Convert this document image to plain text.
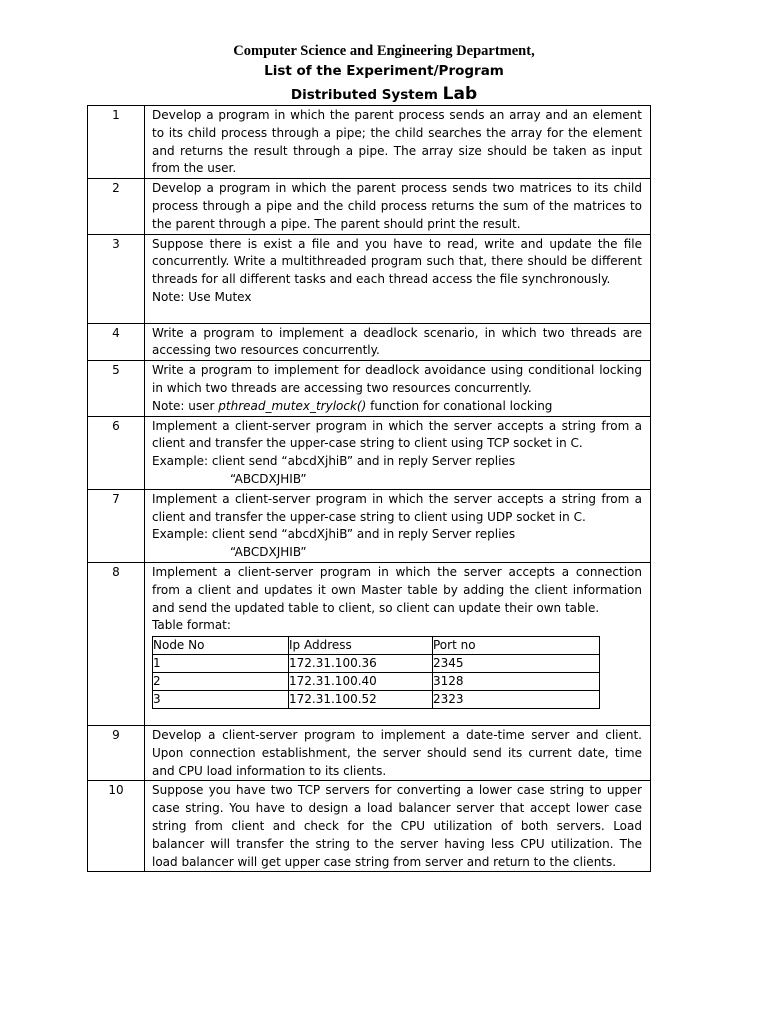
Computer Science and Engineering Department,
List of the Experiment/Program
Distributed System Lab
1	Develop a program in which the parent process sends an array and an element to its child process through a pipe; the child searches the array for the element and returns the result through a pipe. The array size should be taken as input from the user.

2	Develop a program in which the parent process sends two matrices to its child process through a pipe and the child process returns the sum of the matrices to the parent through a pipe. The parent should print the result.

3	Suppose there is exist a file and you have to read, write and update the file concurrently. Write a multithreaded program such that, there should be different threads for all different tasks and each thread access the file synchronously.
Note: Use Mutex

4	Write a program to implement a deadlock scenario, in which two threads are accessing two resources concurrently.

5	Write a program to implement for deadlock avoidance using conditional locking in which two threads are accessing two resources concurrently.
Note: user pthread_mutex_trylock() function for conational locking

6	Implement a client-server program in which the server accepts a string from a client and transfer the upper-case string to client using TCP socket in C.
Example: client send “abcdXjhiB” and in reply Server replies
“ABCDXJHIB”

7	Implement a client-server program in which the server accepts a string from a client and transfer the upper-case string to client using UDP socket in C.
Example: client send “abcdXjhiB” and in reply Server replies
“ABCDXJHIB”

8	Implement a client-server program in which the server accepts a connection from a client and updates it own Master table by adding the client information and send the updated table to client, so client can update their own table.
Table format:
Node No	Ip Address	Port no
1	172.31.100.36	2345
2	172.31.100.40	3128
3	172.31.100.52	2323

9	Develop a client-server program to implement a date-time server and client. Upon connection establishment, the server should send its current date, time and CPU load information to its clients.

10	Suppose you have two TCP servers for converting a lower case string to upper case string. You have to design a load balancer server that accept lower case string from client and check for the CPU utilization of both servers. Load balancer will transfer the string to the server having less CPU utilization. The load balancer will get upper case string from server and return to the clients.
